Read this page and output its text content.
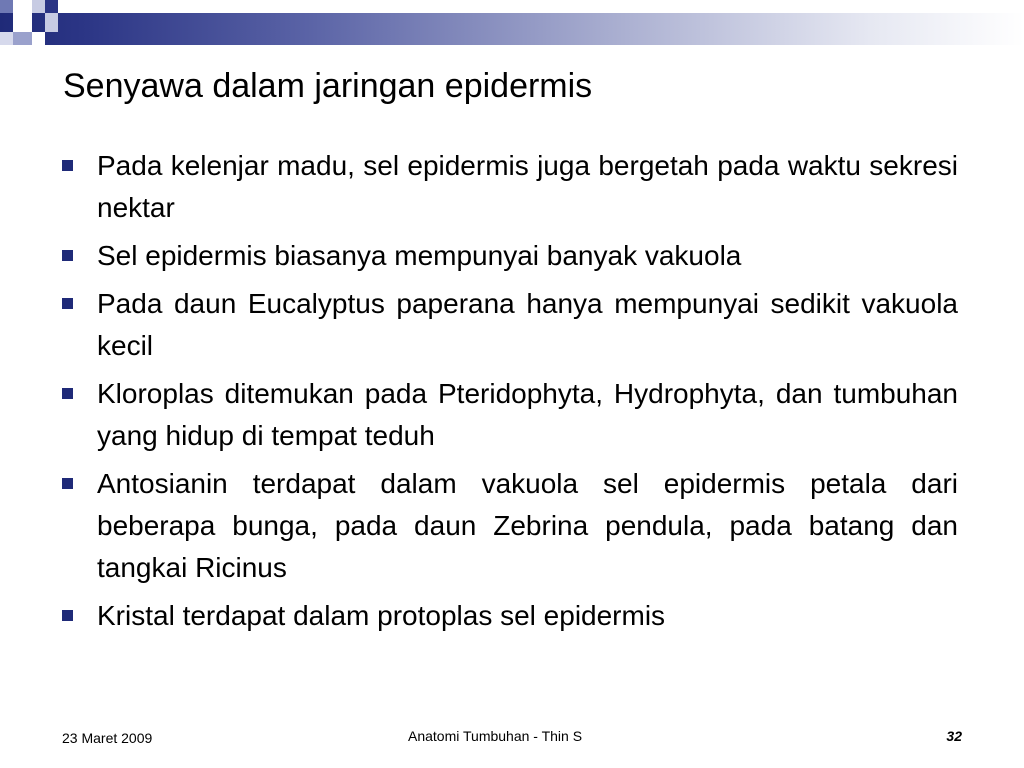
Senyawa dalam jaringan epidermis
Pada kelenjar madu, sel epidermis juga bergetah pada waktu sekresi nektar
Sel epidermis biasanya mempunyai banyak vakuola
Pada daun Eucalyptus paperana hanya mempunyai sedikit vakuola kecil
Kloroplas ditemukan pada Pteridophyta, Hydrophyta, dan tumbuhan yang hidup di tempat teduh
Antosianin terdapat dalam vakuola sel epidermis petala dari beberapa bunga, pada daun Zebrina pendula, pada batang dan tangkai Ricinus
Kristal terdapat dalam protoplas sel epidermis
23 Maret 2009	Anatomi Tumbuhan - Thin S	32
